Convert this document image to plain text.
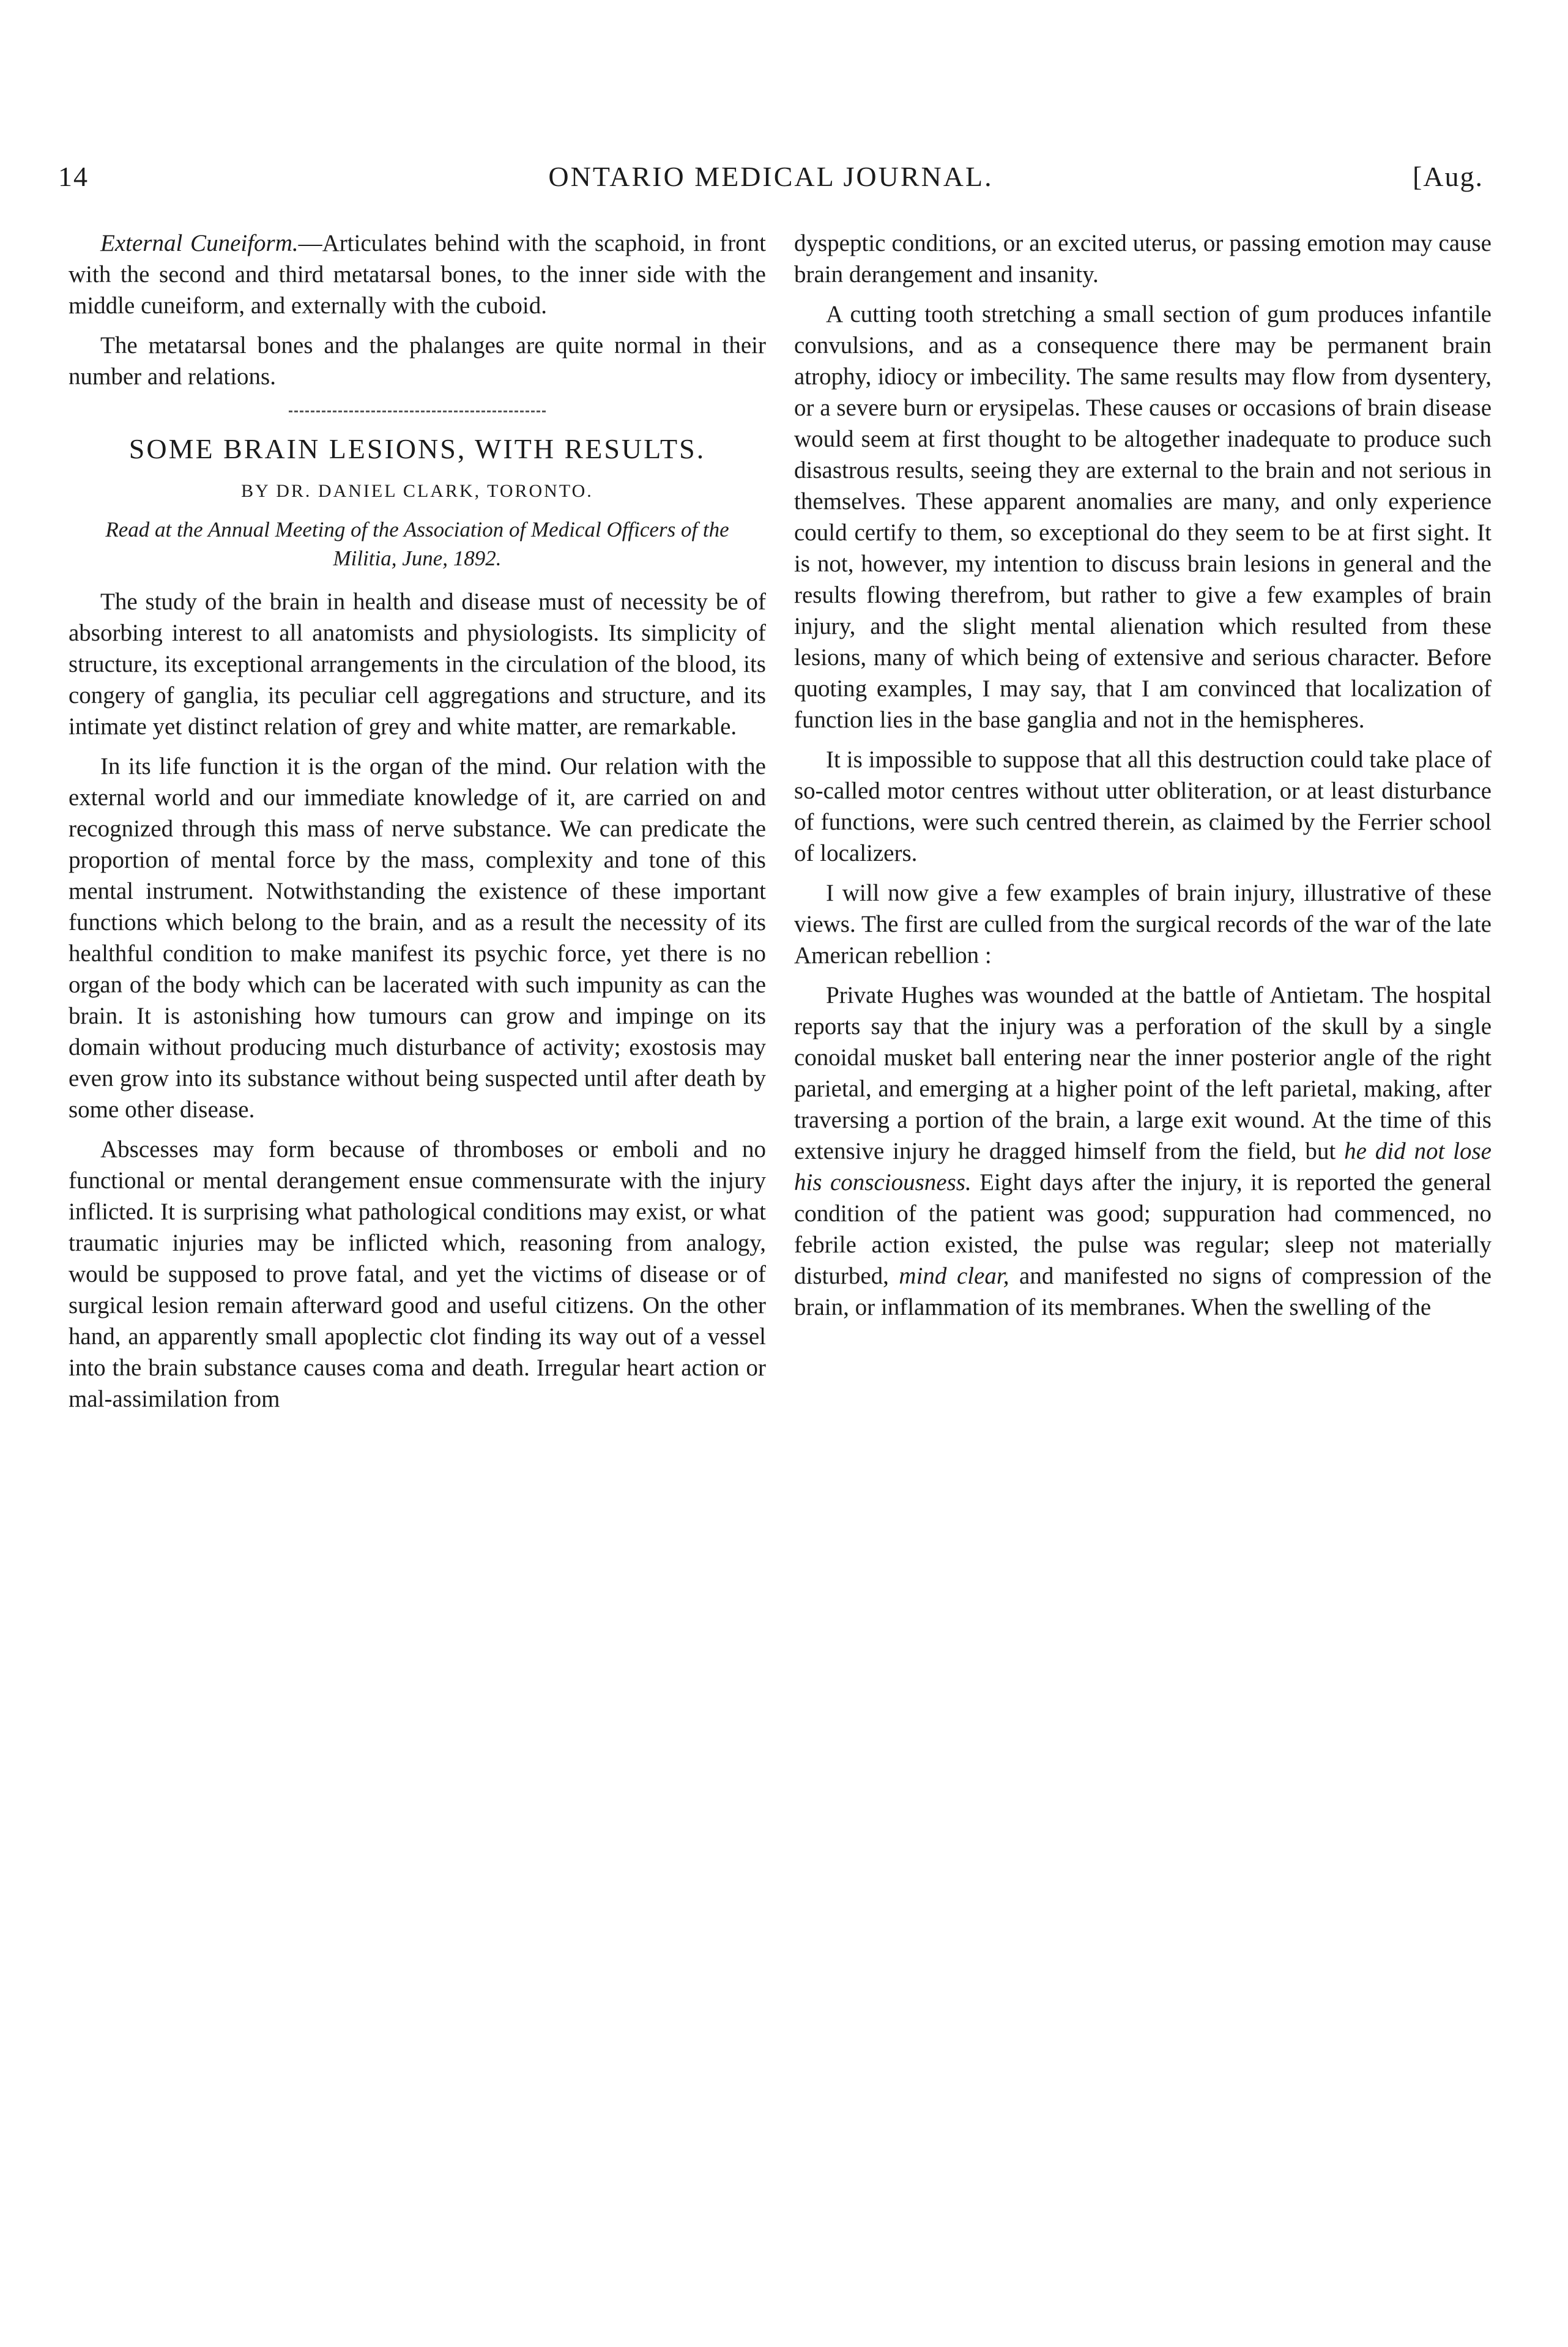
14	ONTARIO MEDICAL JOURNAL.	[Aug.

External Cuneiform.—Articulates behind with the scaphoid, in front with the second and third metatarsal bones, to the inner side with the middle cuneiform, and externally with the cuboid.

The metatarsal bones and the phalanges are quite normal in their number and relations.

SOME BRAIN LESIONS, WITH RESULTS.
BY DR. DANIEL CLARK, TORONTO.
Read at the Annual Meeting of the Association of Medical Officers of the Militia, June, 1892.

The study of the brain in health and disease must of necessity be of absorbing interest to all anatomists and physiologists. Its simplicity of structure, its exceptional arrangements in the circulation of the blood, its congery of ganglia, its peculiar cell aggregations and structure, and its intimate yet distinct relation of grey and white matter, are remarkable.

In its life function it is the organ of the mind. Our relation with the external world and our immediate knowledge of it, are carried on and recognized through this mass of nerve substance. We can predicate the proportion of mental force by the mass, complexity and tone of this mental instrument. Notwithstanding the existence of these important functions which belong to the brain, and as a result the necessity of its healthful condition to make manifest its psychic force, yet there is no organ of the body which can be lacerated with such impunity as can the brain. It is astonishing how tumours can grow and impinge on its domain without producing much disturbance of activity; exostosis may even grow into its substance without being suspected until after death by some other disease.

Abscesses may form because of thromboses or emboli and no functional or mental derangement ensue commensurate with the injury inflicted. It is surprising what pathological conditions may exist, or what traumatic injuries may be inflicted which, reasoning from analogy, would be supposed to prove fatal, and yet the victims of disease or of surgical lesion remain afterward good and useful citizens. On the other hand, an apparently small apoplectic clot finding its way out of a vessel into the brain substance causes coma and death. Irregular heart action or mal-assimilation from

dyspeptic conditions, or an excited uterus, or passing emotion may cause brain derangement and insanity.

A cutting tooth stretching a small section of gum produces infantile convulsions, and as a consequence there may be permanent brain atrophy, idiocy or imbecility. The same results may flow from dysentery, or a severe burn or erysipelas. These causes or occasions of brain disease would seem at first thought to be altogether inadequate to produce such disastrous results, seeing they are external to the brain and not serious in themselves. These apparent anomalies are many, and only experience could certify to them, so exceptional do they seem to be at first sight. It is not, however, my intention to discuss brain lesions in general and the results flowing therefrom, but rather to give a few examples of brain injury, and the slight mental alienation which resulted from these lesions, many of which being of extensive and serious character. Before quoting examples, I may say, that I am convinced that localization of function lies in the base ganglia and not in the hemispheres.

It is impossible to suppose that all this destruction could take place of so-called motor centres without utter obliteration, or at least disturbance of functions, were such centred therein, as claimed by the Ferrier school of localizers.

I will now give a few examples of brain injury, illustrative of these views. The first are culled from the surgical records of the war of the late American rebellion :

Private Hughes was wounded at the battle of Antietam. The hospital reports say that the injury was a perforation of the skull by a single conoidal musket ball entering near the inner posterior angle of the right parietal, and emerging at a higher point of the left parietal, making, after traversing a portion of the brain, a large exit wound. At the time of this extensive injury he dragged himself from the field, but he did not lose his consciousness. Eight days after the injury, it is reported the general condition of the patient was good; suppuration had commenced, no febrile action existed, the pulse was regular; sleep not materially disturbed, mind clear, and manifested no signs of compression of the brain, or inflammation of its membranes. When the swelling of the
